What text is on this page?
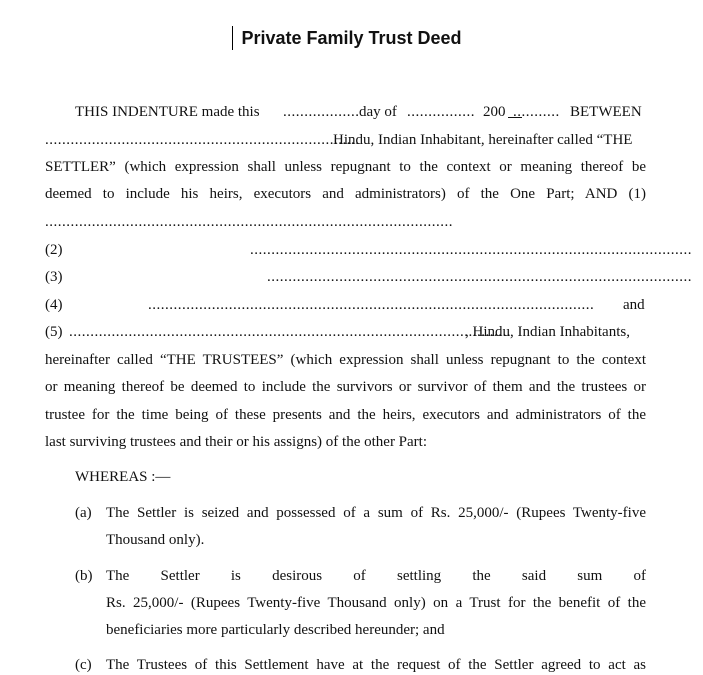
Private Family Trust Deed
THIS INDENTURE made this .................. day of ................ 200 ........... BETWEEN
..........................................................................
Hindu, Indian Inhabitant, hereinafter called “THE
SETTLER” (which expression shall unless repugnant to the context or meaning thereof be
deemed to include his heirs, executors and administrators) of the One Part; AND (1)
................................................................................................
(2)	........................................................................................................
(3)	....................................................................................................
(4)	......................................................................................................... and
(5) ........................................................................................................
, Hindu, Indian Inhabitants,
hereinafter called “THE TRUSTEES” (which expression shall unless repugnant to the context
or meaning thereof be deemed to include the survivors or survivor of them and the trustees or
trustee for the time being of these presents and the heirs, executors and administrators of the
last surviving trustees and their or his assigns) of the other Part:
WHEREAS :—
(a) The Settler is seized and possessed of a sum of Rs. 25,000/- (Rupees Twenty-five
Thousand only).
(b) The Settler is desirous of settling the said sum of
Rs. 25,000/- (Rupees Twenty-five Thousand only) on a Trust for the benefit of the
beneficiaries more particularly described hereunder; and
(c) The Trustees of this Settlement have at the request of the Settler agreed to act as
